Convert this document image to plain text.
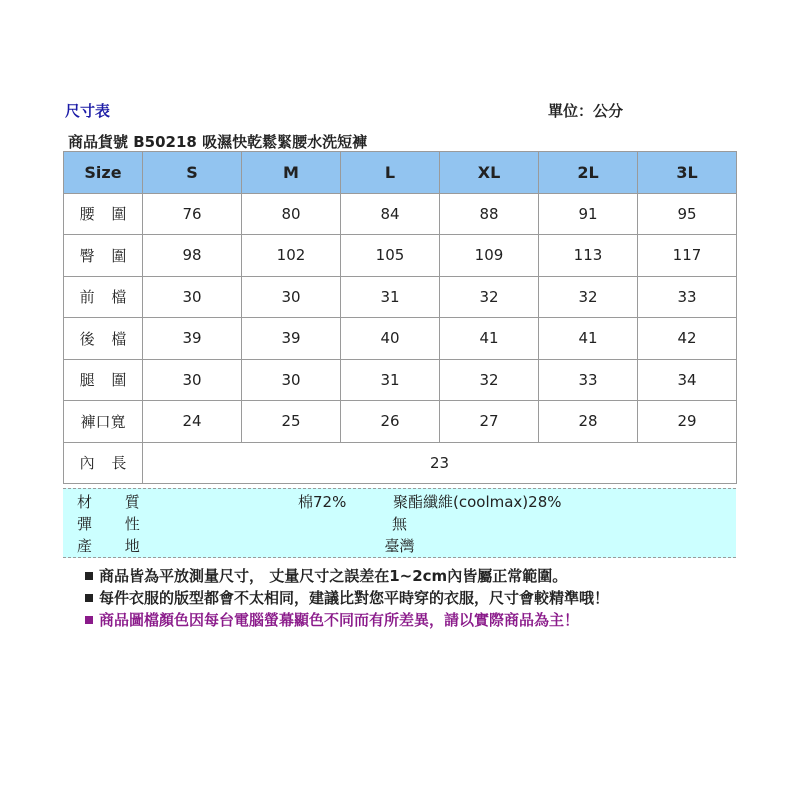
尺寸表	單位：公分
商品貨號 B50218 吸濕快乾鬆緊腰水洗短褲
Size	S	M	L	XL	2L	3L
腰 圍	76	80	84	88	91	95
臀 圍	98	102	105	109	113	117
前 檔	30	30	31	32	32	33
後 檔	39	39	40	41	41	42
腿 圍	30	30	31	32	33	34
褲口寬	24	25	26	27	28	29
內 長	23					
材 質	棉72%	聚酯纖維(coolmax)28%
彈 性	無
產 地	臺灣
商品皆為平放測量尺寸， 丈量尺寸之誤差在1~2cm內皆屬正常範圍。
每件衣服的版型都會不太相同，建議比對您平時穿的衣服，尺寸會較精準哦！
商品圖檔顏色因每台電腦螢幕顯色不同而有所差異，請以實際商品為主！
